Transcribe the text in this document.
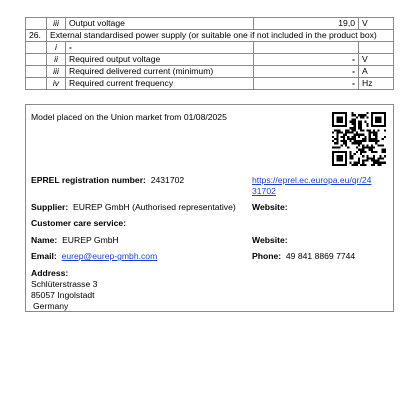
	iii	Output voltage	19,0	V
26.	External standardised power supply (or suitable one if not included in the product box)			
	i	-		
	ii	Required output voltage	-	V
	iii	Required delivered current (minimum)	-	A
	iv	Required current frequency	-	Hz
Model placed on the Union market from 01/08/2025
EPREL registration number: 2431702	https://eprel.ec.europa.eu/qr/24
31702
Supplier: EUREP GmbH (Authorised representative) Website:
Customer care service:
Name: EUREP GmbH	Website:
Email: eurep@eurep-gmbh.com	Phone: 49 841 8869 7744
Address:
Schlüterstrasse 3
85057 Ingolstadt
Germany
